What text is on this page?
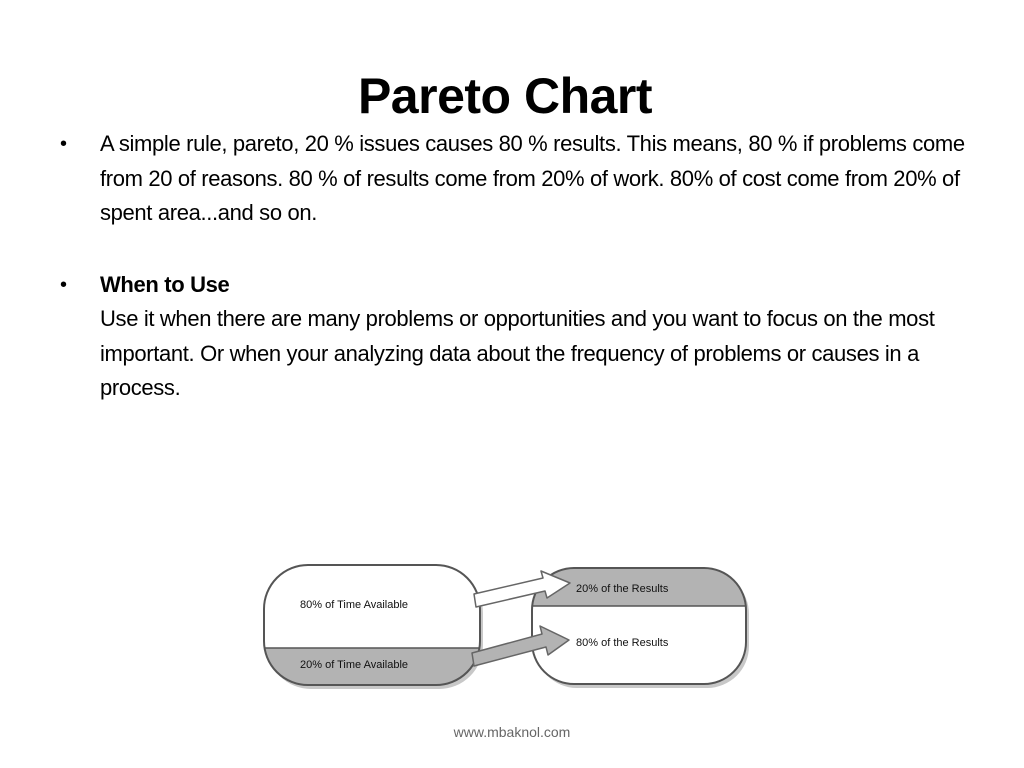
Pareto Chart
• A simple rule, pareto, 20 % issues causes 80 % results. This means, 80 % if problems come from 20 of reasons. 80 % of results come from 20% of work. 80% of cost come from 20% of spent area...and so on.
• When to Use
Use it when there are many problems or opportunities and you want to focus on the most important. Or when your analyzing data about the frequency of problems or causes in a process.
80% of Time Available
20% of Time Available
20% of the Results
80% of the Results
www.mbaknol.com
